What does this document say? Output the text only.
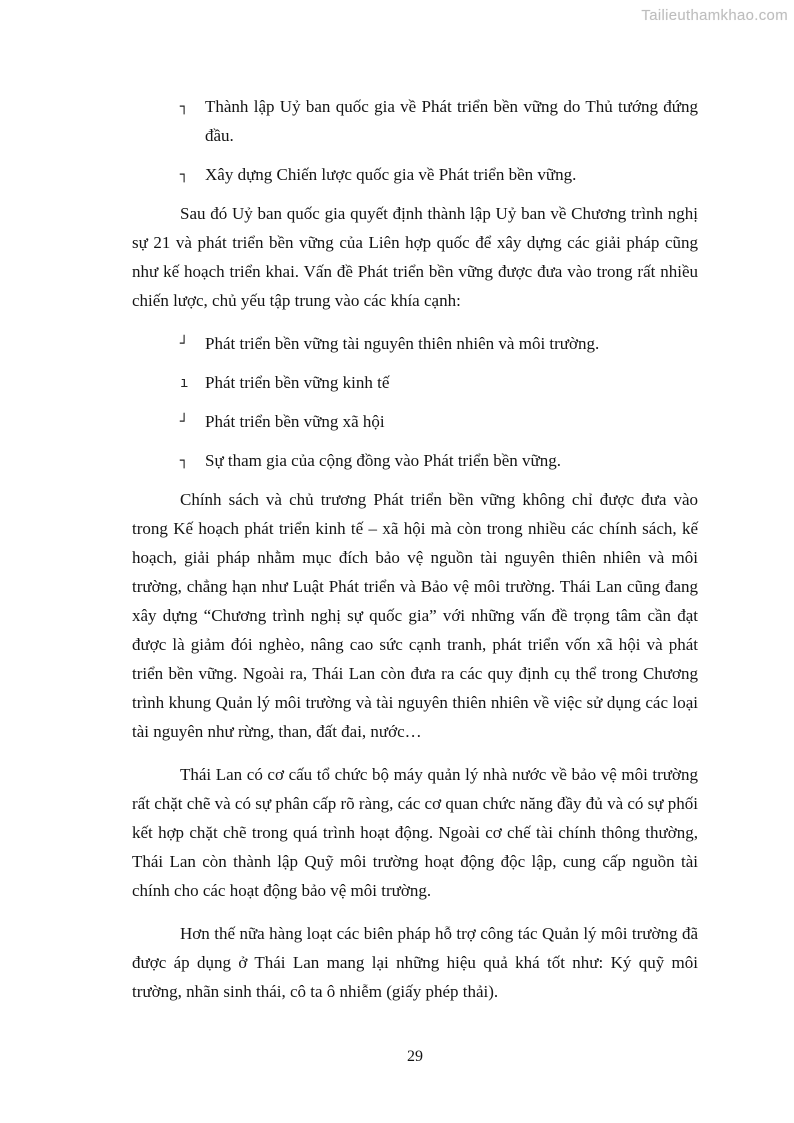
Tailieuthamkhao.com
┐ Thành lập Uỷ ban quốc gia về Phát triển bền vững do Thủ tướng đứng đầu.
┐ Xây dựng Chiến lược quốc gia về Phát triển bền vững.
Sau đó Uỷ ban quốc gia quyết định thành lập Uỷ ban về Chương trình nghị sự 21 và phát triển bền vững của Liên hợp quốc để xây dựng các giải pháp cũng như kế hoạch triển khai. Vấn đề Phát triển bền vững được đưa vào trong rất nhiều chiến lược, chủ yếu tập trung vào các khía cạnh:
┘ Phát triển bền vững tài nguyên thiên nhiên và môi trường.
ı Phát triển bền vững kinh tế
┘ Phát triển bền vững xã hội
┐ Sự tham gia của cộng đồng vào Phát triển bền vững.
Chính sách và chủ trương Phát triển bền vững không chỉ được đưa vào trong Kế hoạch phát triển kinh tế – xã hội mà còn trong nhiều các chính sách, kế hoạch, giải pháp nhằm mục đích bảo vệ nguồn tài nguyên thiên nhiên và môi trường, chẳng hạn như Luật Phát triển và Bảo vệ môi trường. Thái Lan cũng đang xây dựng “Chương trình nghị sự quốc gia” với những vấn đề trọng tâm cần đạt được là giảm đói nghèo, nâng cao sức cạnh tranh, phát triển vốn xã hội và phát triển bền vững. Ngoài ra, Thái Lan còn đưa ra các quy định cụ thể trong Chương trình khung Quản lý môi trường và tài nguyên thiên nhiên về việc sử dụng các loại tài nguyên như rừng, than, đất đai, nước…
Thái Lan có cơ cấu tổ chức bộ máy quản lý nhà nước về bảo vệ môi trường rất chặt chẽ và có sự phân cấp rõ ràng, các cơ quan chức năng đầy đủ và có sự phối kết hợp chặt chẽ trong quá trình hoạt động. Ngoài cơ chế tài chính thông thường, Thái Lan còn thành lập Quỹ môi trường hoạt động độc lập, cung cấp nguồn tài chính cho các hoạt động bảo vệ môi trường.
Hơn thế nữa hàng loạt các biên pháp hỗ trợ công tác Quản lý môi trường đã được áp dụng ở Thái Lan mang lại những hiệu quả khá tốt như: Ký quỹ môi trường, nhãn sinh thái, cô ta ô nhiễm (giấy phép thải).
29
